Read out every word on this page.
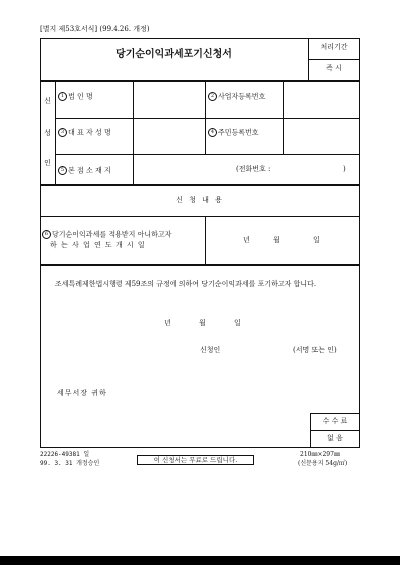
[별지 제53호서식] (99.4.26. 개정)
당기순이익과세포기신청서
처리기간
즉 시
신
성
인
1 법 인 명	2 사업자등록번호
3 대 표 자 성 명	4 주민등록번호
5 본 점 소 재 지	(전화번호 :	)
신 청 내 용
6 당기순이익과세를 적용받지 아니하고자
하 는 사 업 연 도 개 시 일
년	월	일
조세특례제한법시행령 제59조의 규정에 의하여 당기순이익과세를 포기하고자 합니다.
년	월	일
신청인	(서명 또는 인)
세무서장 귀하
수 수 료
없 음
22226-49381 일
99. 3. 31 개정승인	이 신청서는 무료로 드립니다.
210㎜×297㎜
(신문용지 54g/㎡)
